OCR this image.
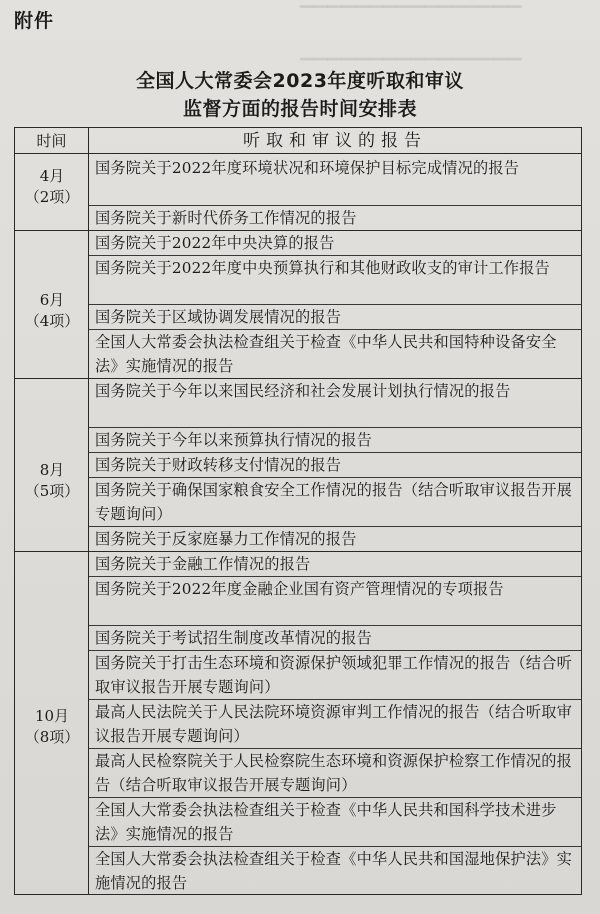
▔▔▔▔▔▔▔▔▔▔▔▔▔▔▔▔
▁▁▁▁▁▁▁▁▁▁▁▁▁▁▁▁
附件
全国人大常委会2023年度听取和审议
监督方面的报告时间安排表
时间	听取和审议的报告
4月
（2项）
国务院关于2022年度环境状况和环境保护目标完成情况的报告
国务院关于新时代侨务工作情况的报告
6月
（4项）
国务院关于2022年中央决算的报告
国务院关于2022年度中央预算执行和其他财政收支的审计工作报告
国务院关于区域协调发展情况的报告
全国人大常委会执法检查组关于检查《中华人民共和国特种设备安全法》实施情况的报告
8月
（5项）
国务院关于今年以来国民经济和社会发展计划执行情况的报告
国务院关于今年以来预算执行情况的报告
国务院关于财政转移支付情况的报告
国务院关于确保国家粮食安全工作情况的报告（结合听取审议报告开展专题询问）
国务院关于反家庭暴力工作情况的报告
10月
（8项）
国务院关于金融工作情况的报告
国务院关于2022年度金融企业国有资产管理情况的专项报告
国务院关于考试招生制度改革情况的报告
国务院关于打击生态环境和资源保护领域犯罪工作情况的报告（结合听取审议报告开展专题询问）
最高人民法院关于人民法院环境资源审判工作情况的报告（结合听取审议报告开展专题询问）
最高人民检察院关于人民检察院生态环境和资源保护检察工作情况的报告（结合听取审议报告开展专题询问）
全国人大常委会执法检查组关于检查《中华人民共和国科学技术进步法》实施情况的报告
全国人大常委会执法检查组关于检查《中华人民共和国湿地保护法》实施情况的报告
